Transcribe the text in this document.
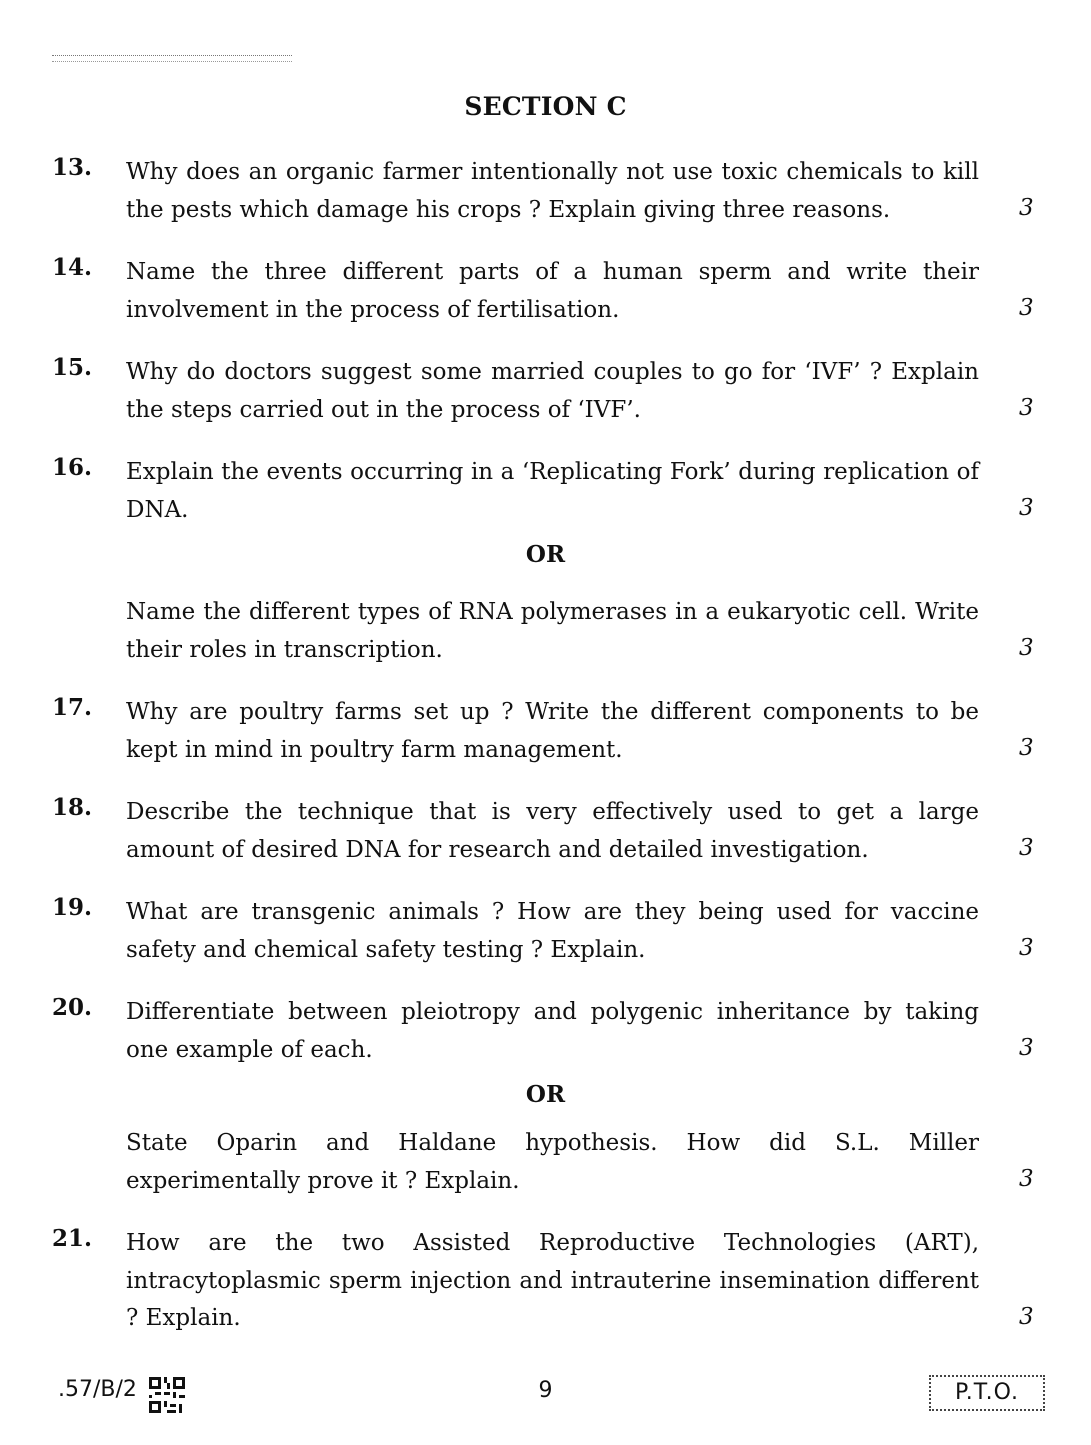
SECTION C
13. Why does an organic farmer intentionally not use toxic chemicals to kill the pests which damage his crops ? Explain giving three reasons.	3
14. Name the three different parts of a human sperm and write their involvement in the process of fertilisation.	3
15. Why do doctors suggest some married couples to go for ‘IVF’ ? Explain the steps carried out in the process of ‘IVF’.	3
16. Explain the events occurring in a ‘Replicating Fork’ during replication of DNA.	3
OR
Name the different types of RNA polymerases in a eukaryotic cell. Write their roles in transcription.	3
17. Why are poultry farms set up ? Write the different components to be kept in mind in poultry farm management.	3
18. Describe the technique that is very effectively used to get a large amount of desired DNA for research and detailed investigation.	3
19. What are transgenic animals ? How are they being used for vaccine safety and chemical safety testing ? Explain.	3
20. Differentiate between pleiotropy and polygenic inheritance by taking one example of each.	3
OR
State Oparin and Haldane hypothesis. How did S.L. Miller experimentally prove it ? Explain.	3
21. How are the two Assisted Reproductive Technologies (ART), intracytoplasmic sperm injection and intrauterine insemination different ? Explain.	3
.57/B/2	9	P.T.O.
